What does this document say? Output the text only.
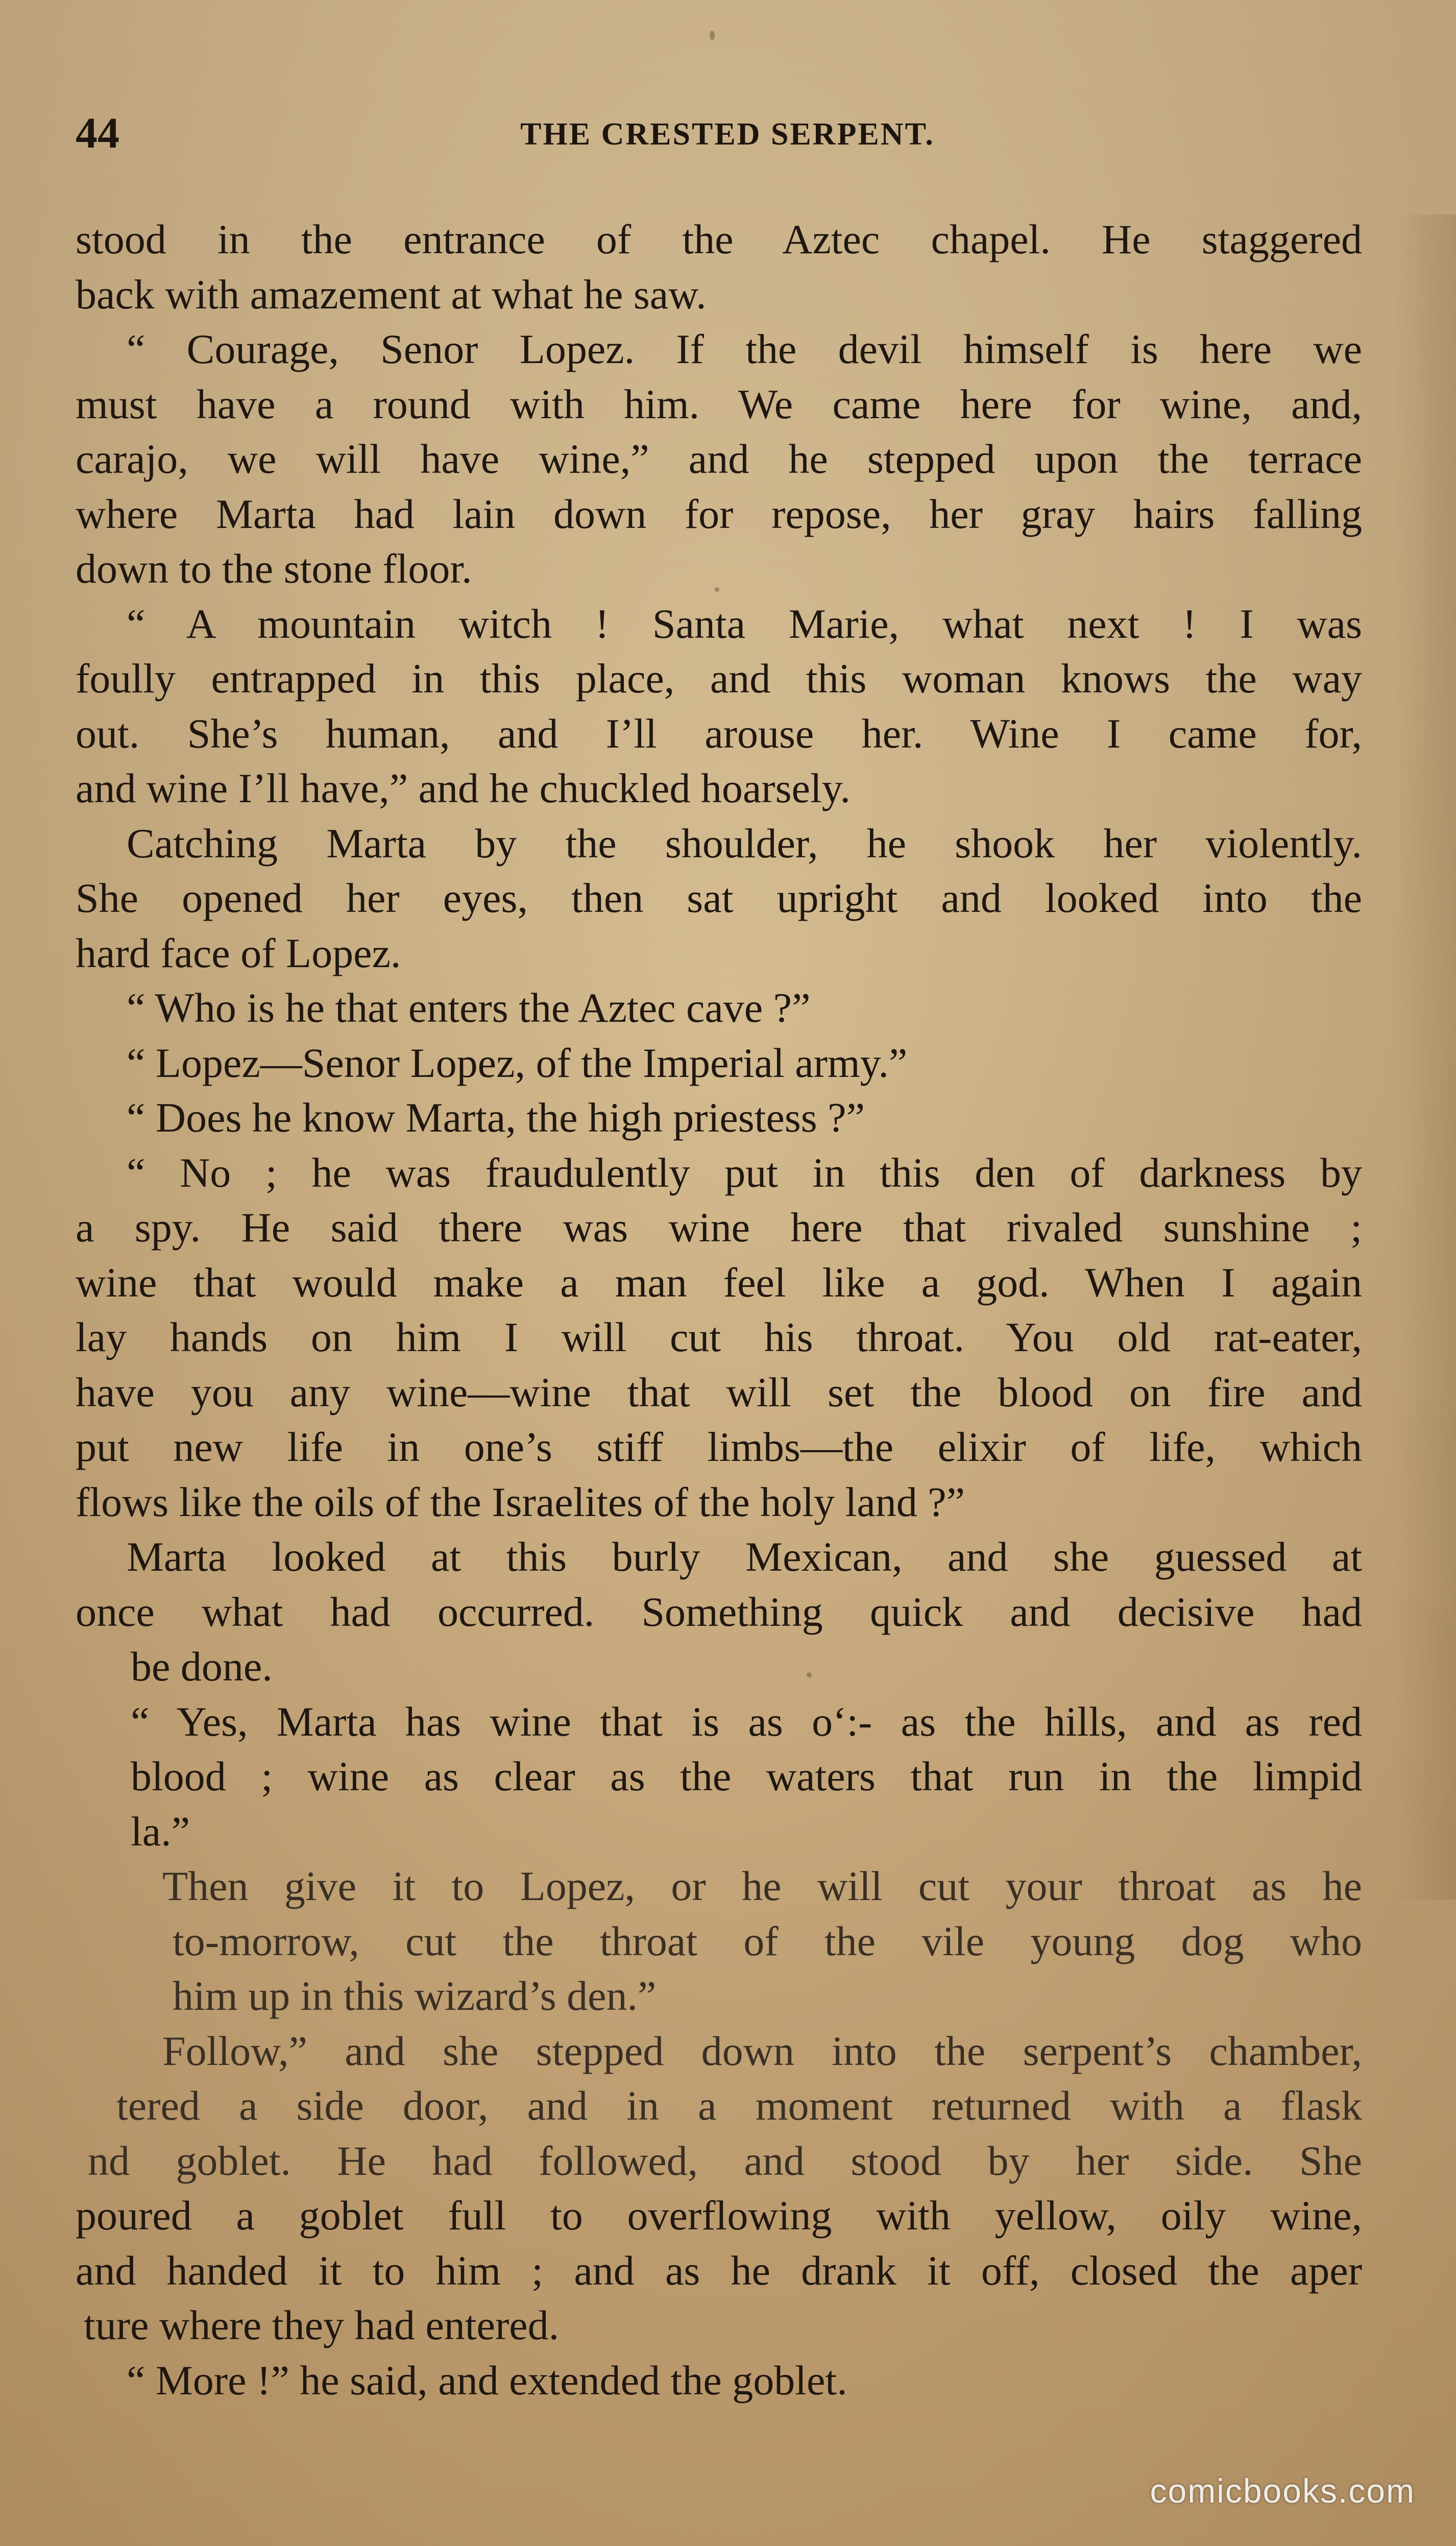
44	THE CRESTED SERPENT.
stood in the entrance of the Aztec chapel. He staggered
back with amazement at what he saw.
“ Courage, Senor Lopez. If the devil himself is here we
must have a round with him. We came here for wine, and,
carajo, we will have wine,” and he stepped upon the terrace
where Marta had lain down for repose, her gray hairs falling
down to the stone floor.
“ A mountain witch ! Santa Marie, what next ! I was
foully entrapped in this place, and this woman knows the way
out. She’s human, and I’ll arouse her. Wine I came for,
and wine I’ll have,” and he chuckled hoarsely.
Catching Marta by the shoulder, he shook her violently.
She opened her eyes, then sat upright and looked into the
hard face of Lopez.
“ Who is he that enters the Aztec cave ?”
“ Lopez—Senor Lopez, of the Imperial army.”
“ Does he know Marta, the high priestess ?”
“ No ; he was fraudulently put in this den of darkness by
a spy. He said there was wine here that rivaled sunshine ;
wine that would make a man feel like a god. When I again
lay hands on him I will cut his throat. You old rat-eater,
have you any wine—wine that will set the blood on fire and
put new life in one’s stiff limbs—the elixir of life, which
flows like the oils of the Israelites of the holy land ?”
Marta looked at this burly Mexican, and she guessed at
once what had occurred. Something quick and decisive had
be done.
“ Yes, Marta has wine that is as o‘:- as the hills, and as red
blood ; wine as clear as the waters that run in the limpid
la.”
Then give it to Lopez, or he will cut your throat as he
to-morrow, cut the throat of the vile young dog who
him up in this wizard’s den.”
Follow,” and she stepped down into the serpent’s chamber,
tered a side door, and in a moment returned with a flask
nd goblet. He had followed, and stood by her side. She
poured a goblet full to overflowing with yellow, oily wine,
and handed it to him ; and as he drank it off, closed the aper
ture where they had entered.
“ More !” he said, and extended the goblet.
comicbooks.com
